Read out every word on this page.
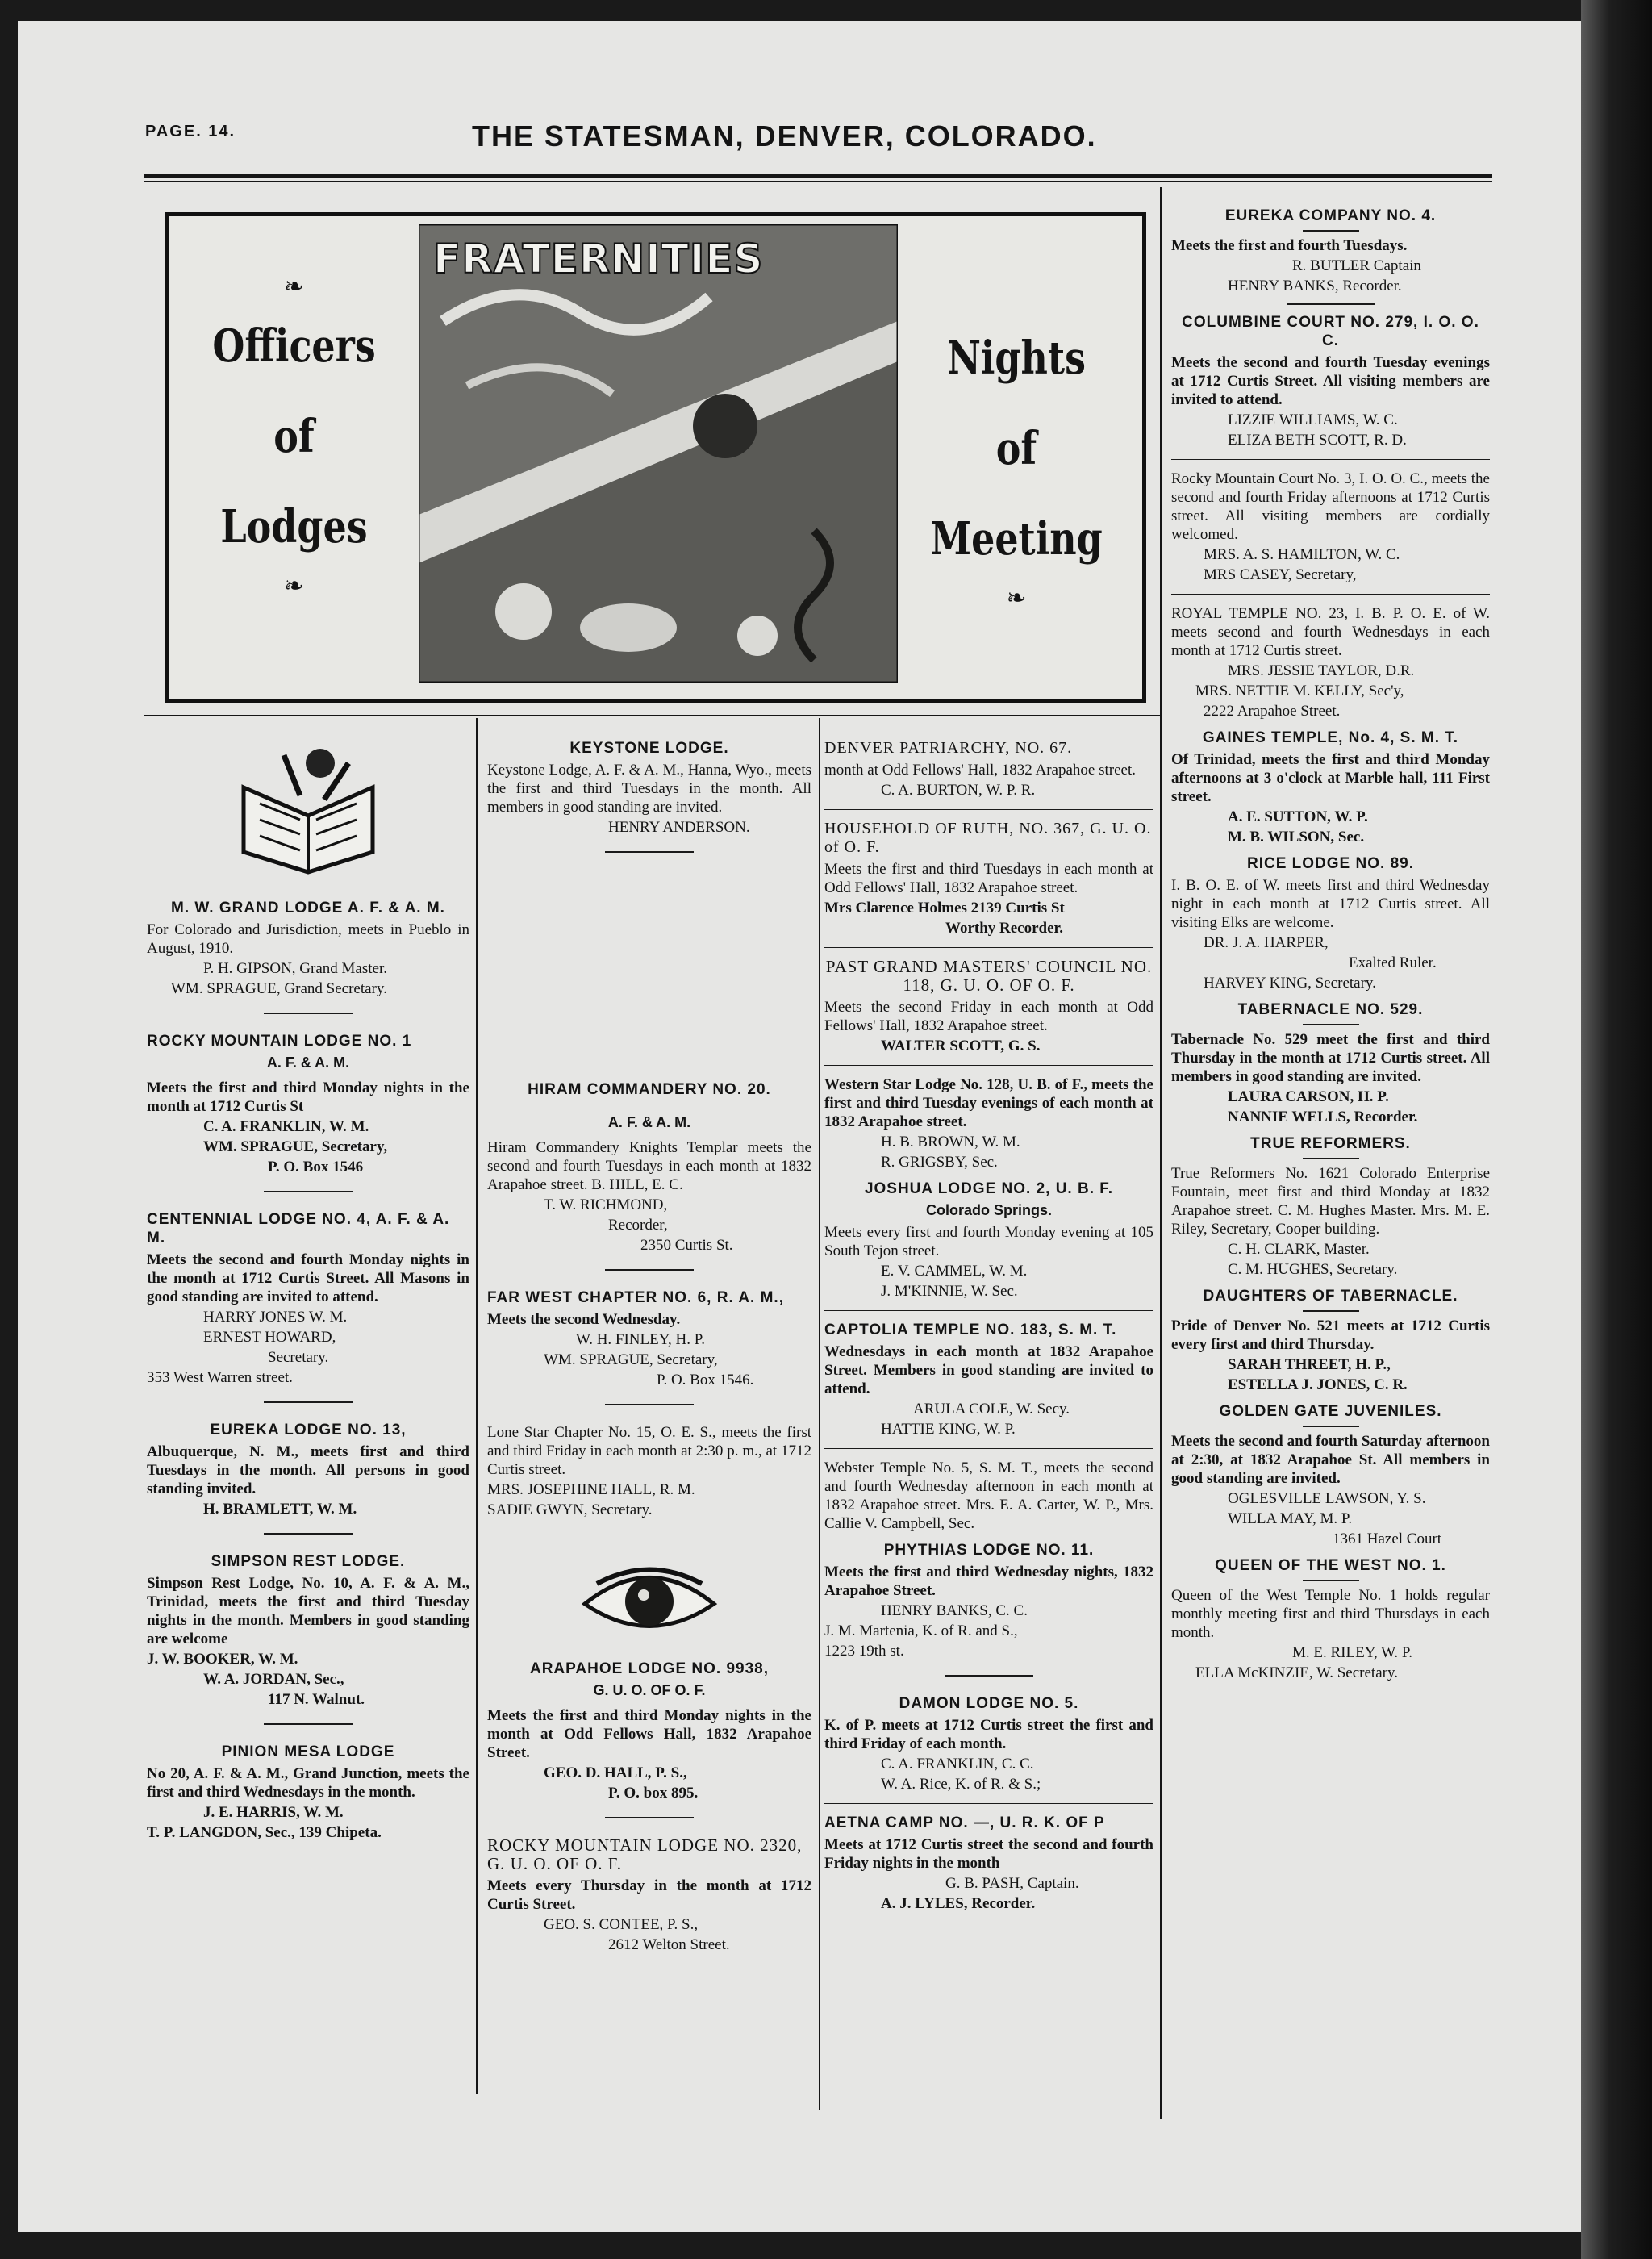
PAGE. 14.	THE STATESMAN, DENVER, COLORADO.
❧
Officers
of
Lodges
❧
FRATERNITIES
Nights
of
Meeting
❧
M. W. GRAND LODGE A. F. & A. M.

For Colorado and Jurisdiction, meets in Pueblo in August, 1910.

P. H. GIPSON, Grand Master.

WM. SPRAGUE, Grand Secretary.

ROCKY MOUNTAIN LODGE NO. 1
A. F. & A. M.

Meets the first and third Monday nights in the month at 1712 Curtis St

C. A. FRANKLIN, W. M.

WM. SPRAGUE, Secretary,

P. O. Box 1546

CENTENNIAL LODGE NO. 4, A. F. & A. M.

Meets the second and fourth Monday nights in the month at 1712 Curtis Street. All Masons in good standing are invited to attend.

HARRY JONES W. M.

ERNEST HOWARD,

Secretary.

353 West Warren street.

EUREKA LODGE NO. 13,

Albuquerque, N. M., meets first and third Tuesdays in the month. All persons in good standing invited.

H. BRAMLETT, W. M.

SIMPSON REST LODGE.

Simpson Rest Lodge, No. 10, A. F. & A. M., Trinidad, meets the first and third Tuesday nights in the month. Members in good standing are welcome

J. W. BOOKER, W. M.

W. A. JORDAN, Sec.,

117 N. Walnut.

PINION MESA LODGE

No 20, A. F. & A. M., Grand Junction, meets the first and third Wednesdays in the month.

J. E. HARRIS, W. M.

T. P. LANGDON, Sec., 139 Chipeta.

KEYSTONE LODGE.

Keystone Lodge, A. F. & A. M., Hanna, Wyo., meets the first and third Tuesdays in the month. All members in good standing are invited.

HENRY ANDERSON.

HIRAM COMMANDERY NO. 20.
A. F. & A. M.

Hiram Commandery Knights Templar meets the second and fourth Tuesdays in each month at 1832 Arapahoe street. B. HILL, E. C.

T. W. RICHMOND,

Recorder,

2350 Curtis St.

FAR WEST CHAPTER NO. 6, R. A. M.,

Meets the second Wednesday.

W. H. FINLEY, H. P.

WM. SPRAGUE, Secretary,

P. O. Box 1546.

Lone Star Chapter No. 15, O. E. S., meets the first and third Friday in each month at 2:30 p. m., at 1712 Curtis street.

MRS. JOSEPHINE HALL, R. M.

SADIE GWYN, Secretary.

ARAPAHOE LODGE NO. 9938,
G. U. O. OF O. F.

Meets the first and third Monday nights in the month at Odd Fellows Hall, 1832 Arapahoe Street.

GEO. D. HALL, P. S.,

P. O. box 895.

ROCKY MOUNTAIN LODGE NO. 2320, G. U. O. OF O. F.

Meets every Thursday in the month at 1712 Curtis Street.

GEO. S. CONTEE, P. S.,

2612 Welton Street.

DENVER PATRIARCHY, NO. 67.

month at Odd Fellows' Hall, 1832 Arapahoe street.

C. A. BURTON, W. P. R.

HOUSEHOLD OF RUTH, NO. 367, G. U. O. of O. F.

Meets the first and third Tuesdays in each month at Odd Fellows' Hall, 1832 Arapahoe street.

Mrs Clarence Holmes 2139 Curtis St

Worthy Recorder.

PAST GRAND MASTERS' COUNCIL NO. 118, G. U. O. OF O. F.

Meets the second Friday in each month at Odd Fellows' Hall, 1832 Arapahoe street.

WALTER SCOTT, G. S.

Western Star Lodge No. 128, U. B. of F., meets the first and third Tuesday evenings of each month at 1832 Arapahoe street.

H. B. BROWN, W. M.

R. GRIGSBY, Sec.

JOSHUA LODGE NO. 2, U. B. F.
Colorado Springs.

Meets every first and fourth Monday evening at 105 South Tejon street.

E. V. CAMMEL, W. M.

J. M'KINNIE, W. Sec.

CAPTOLIA TEMPLE NO. 183, S. M. T.

Wednesdays in each month at 1832 Arapahoe Street. Members in good standing are invited to attend.

ARULA COLE, W. Secy.

HATTIE KING, W. P.

Webster Temple No. 5, S. M. T., meets the second and fourth Wednesday afternoon in each month at 1832 Arapahoe street. Mrs. E. A. Carter, W. P., Mrs. Callie V. Campbell, Sec.

PHYTHIAS LODGE NO. 11.

Meets the first and third Wednesday nights, 1832 Arapahoe Street.

HENRY BANKS, C. C.

J. M. Martenia, K. of R. and S.,

1223 19th st.

DAMON LODGE NO. 5.

K. of P. meets at 1712 Curtis street the first and third Friday of each month.

C. A. FRANKLIN, C. C.

W. A. Rice, K. of R. & S.;

AETNA CAMP NO. —, U. R. K. OF P

Meets at 1712 Curtis street the second and fourth Friday nights in the month

G. B. PASH, Captain.

A. J. LYLES, Recorder.

EUREKA COMPANY NO. 4.

Meets the first and fourth Tuesdays.

R. BUTLER Captain

HENRY BANKS, Recorder.

COLUMBINE COURT NO. 279, I. O. O. C.

Meets the second and fourth Tuesday evenings at 1712 Curtis Street. All visiting members are invited to attend.

LIZZIE WILLIAMS, W. C.

ELIZA BETH SCOTT, R. D.

Rocky Mountain Court No. 3, I. O. O. C., meets the second and fourth Friday afternoons at 1712 Curtis street. All visiting members are cordially welcomed.

MRS. A. S. HAMILTON, W. C.

MRS CASEY, Secretary,

ROYAL TEMPLE NO. 23, I. B. P. O. E. of W. meets second and fourth Wednesdays in each month at 1712 Curtis street.

MRS. JESSIE TAYLOR, D.R.

MRS. NETTIE M. KELLY, Sec'y,

2222 Arapahoe Street.

GAINES TEMPLE, No. 4, S. M. T.

Of Trinidad, meets the first and third Monday afternoons at 3 o'clock at Marble hall, 111 First street.

A. E. SUTTON, W. P.

M. B. WILSON, Sec.

RICE LODGE NO. 89.

I. B. O. E. of W. meets first and third Wednesday night in each month at 1712 Curtis street. All visiting Elks are welcome.

DR. J. A. HARPER,

Exalted Ruler.

HARVEY KING, Secretary.

TABERNACLE NO. 529.

Tabernacle No. 529 meet the first and third Thursday in the month at 1712 Curtis street. All members in good standing are invited.

LAURA CARSON, H. P.

NANNIE WELLS, Recorder.

TRUE REFORMERS.

True Reformers No. 1621 Colorado Enterprise Fountain, meet first and third Monday at 1832 Arapahoe street. C. M. Hughes Master. Mrs. M. E. Riley, Secretary, Cooper building.

C. H. CLARK, Master.

C. M. HUGHES, Secretary.

DAUGHTERS OF TABERNACLE.

Pride of Denver No. 521 meets at 1712 Curtis every first and third Thursday.

SARAH THREET, H. P.,

ESTELLA J. JONES, C. R.

GOLDEN GATE JUVENILES.

Meets the second and fourth Saturday afternoon at 2:30, at 1832 Arapahoe St. All members in good standing are invited.

OGLESVILLE LAWSON, Y. S.

WILLA MAY, M. P.

1361 Hazel Court

QUEEN OF THE WEST NO. 1.

Queen of the West Temple No. 1 holds regular monthly meeting first and third Thursdays in each month.

M. E. RILEY, W. P.

ELLA McKINZIE, W. Secretary.
